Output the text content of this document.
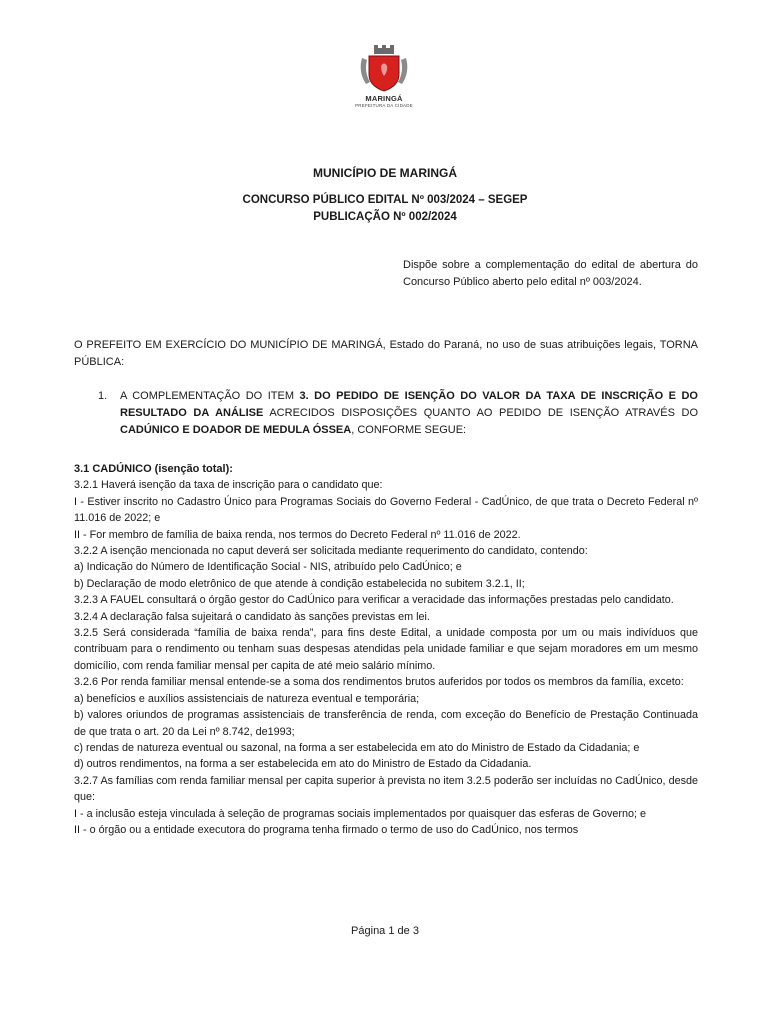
MARINGÁ
PREFEITURA DA CIDADE
MUNICÍPIO DE MARINGÁ
CONCURSO PÚBLICO EDITAL Nº 003/2024 – SEGEP
PUBLICAÇÃO Nº 002/2024
Dispõe sobre a complementação do edital de abertura do Concurso Público aberto pelo edital nº 003/2024.
O PREFEITO EM EXERCÍCIO DO MUNICÍPIO DE MARINGÁ, Estado do Paraná, no uso de suas atribuições legais, TORNA PÚBLICA:
1.	A COMPLEMENTAÇÃO DO ITEM 3. DO PEDIDO DE ISENÇÃO DO VALOR DA TAXA DE INSCRIÇÃO E DO RESULTADO DA ANÁLISE ACRECIDOS DISPOSIÇÕES QUANTO AO PEDIDO DE ISENÇÃO ATRAVÉS DO CADÚNICO E DOADOR DE MEDULA ÓSSEA, CONFORME SEGUE:

3.1 CADÚNICO (isenção total):

3.2.1 Haverá isenção da taxa de inscrição para o candidato que:

I - Estiver inscrito no Cadastro Único para Programas Sociais do Governo Federal - CadÚnico, de que trata o Decreto Federal nº 11.016 de 2022; e

II - For membro de família de baixa renda, nos termos do Decreto Federal nº 11.016 de 2022.

3.2.2 A isenção mencionada no caput deverá ser solicitada mediante requerimento do candidato, contendo:

a) Indicação do Número de Identificação Social - NIS, atribuído pelo CadÚnico; e

b) Declaração de modo eletrônico de que atende à condição estabelecida no subitem 3.2.1, II;

3.2.3 A FAUEL consultará o órgão gestor do CadÚnico para verificar a veracidade das informações prestadas pelo candidato.

3.2.4 A declaração falsa sujeitará o candidato às sanções previstas em lei.

3.2.5 Será considerada “família de baixa renda”, para fins deste Edital, a unidade composta por um ou mais indivíduos que contribuam para o rendimento ou tenham suas despesas atendidas pela unidade familiar e que sejam moradores em um mesmo domicílio, com renda familiar mensal per capita de até meio salário mínimo.

3.2.6 Por renda familiar mensal entende-se a soma dos rendimentos brutos auferidos por todos os membros da família, exceto:

a) benefícios e auxílios assistenciais de natureza eventual e temporária;

b) valores oriundos de programas assistenciais de transferência de renda, com exceção do Benefício de Prestação Continuada de que trata o art. 20 da Lei nº 8.742, de1993;

c) rendas de natureza eventual ou sazonal, na forma a ser estabelecida em ato do Ministro de Estado da Cidadania; e

d) outros rendimentos, na forma a ser estabelecida em ato do Ministro de Estado da Cidadania.

3.2.7 As famílias com renda familiar mensal per capita superior à prevista no item 3.2.5 poderão ser incluídas no CadÚnico, desde que:

I - a inclusão esteja vinculada à seleção de programas sociais implementados por quaisquer das esferas de Governo; e

II - o órgão ou a entidade executora do programa tenha firmado o termo de uso do CadÚnico, nos termos

Página 1 de 3
